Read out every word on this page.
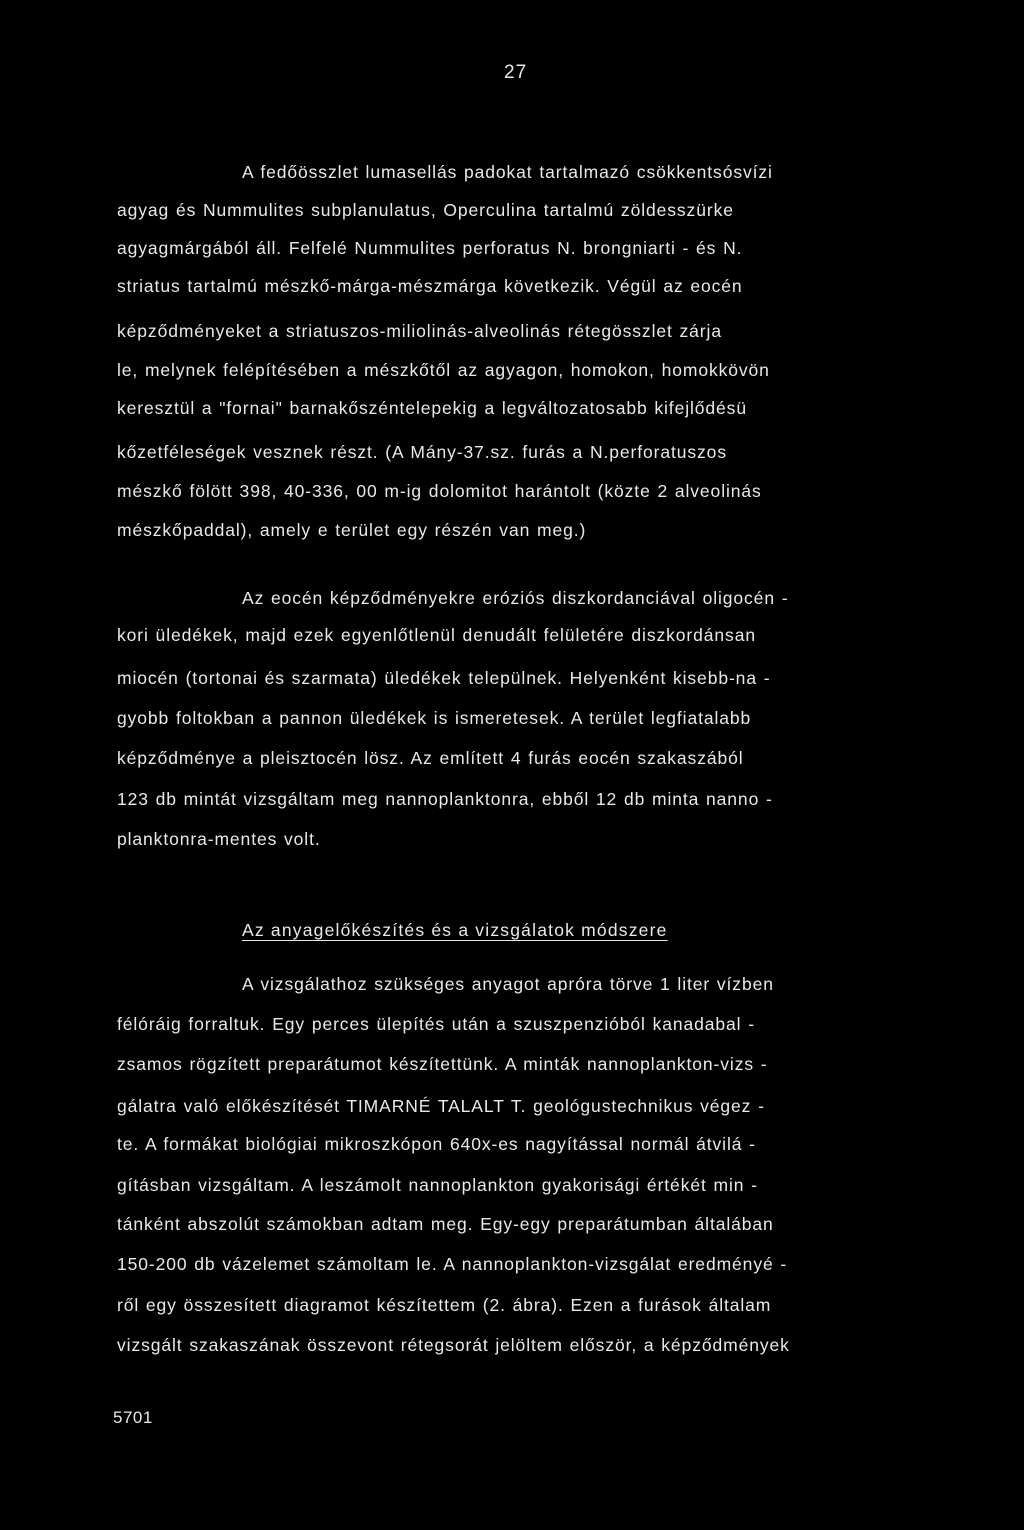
27
A fedőösszlet lumasellás padokat tartalmazó csökkentsósvízi
agyag és Nummulites subplanulatus, Operculina tartalmú zöldesszürke
agyagmárgából áll. Felfelé Nummulites perforatus N. brongniarti - és N.
striatus tartalmú mészkő-márga-mészmárga következik. Végül az eocén
képződményeket a striatuszos-miliolinás-alveolinás rétegösszlet zárja
le, melynek felépítésében a mészkőtől az agyagon, homokon, homokkövön
keresztül a "fornai" barnakőszéntelepekig a legváltozatosabb kifejlődésü
kőzetféleségek vesznek részt. (A Mány-37.sz. furás a N.perforatuszos
mészkő fölött 398, 40-336, 00 m-ig dolomitot harántolt (közte 2 alveolinás
mészkőpaddal), amely e terület egy részén van meg.)
Az eocén képződményekre eróziós diszkordanciával oligocén -
kori üledékek, majd ezek egyenlőtlenül denudált felületére diszkordánsan
miocén (tortonai és szarmata) üledékek települnek. Helyenként kisebb-na -
gyobb foltokban a pannon üledékek is ismeretesek. A terület legfiatalabb
képződménye a pleisztocén lösz. Az említett 4 furás eocén szakaszából
123 db mintát vizsgáltam meg nannoplanktonra, ebből 12 db minta nanno -
planktonra-mentes volt.
Az anyagelőkészítés és a vizsgálatok módszere
A vizsgálathoz szükséges anyagot apróra törve 1 liter vízben
félóráig forraltuk. Egy perces ülepítés után a szuszpenzióból kanadabal -
zsamos rögzített preparátumot készítettünk. A minták nannoplankton-vizs -
gálatra való előkészítését TIMARNÉ TALALT T. geológustechnikus végez -
te. A formákat biológiai mikroszkópon 640x-es nagyítással normál átvilá -
gításban vizsgáltam. A leszámolt nannoplankton gyakorisági értékét min -
tánként abszolút számokban adtam meg. Egy-egy preparátumban általában
150-200 db vázelemet számoltam le. A nannoplankton-vizsgálat eredményé -
ről egy összesített diagramot készítettem (2. ábra). Ezen a furások általam
vizsgált szakaszának összevont rétegsorát jelöltem először, a képződmények
5701
